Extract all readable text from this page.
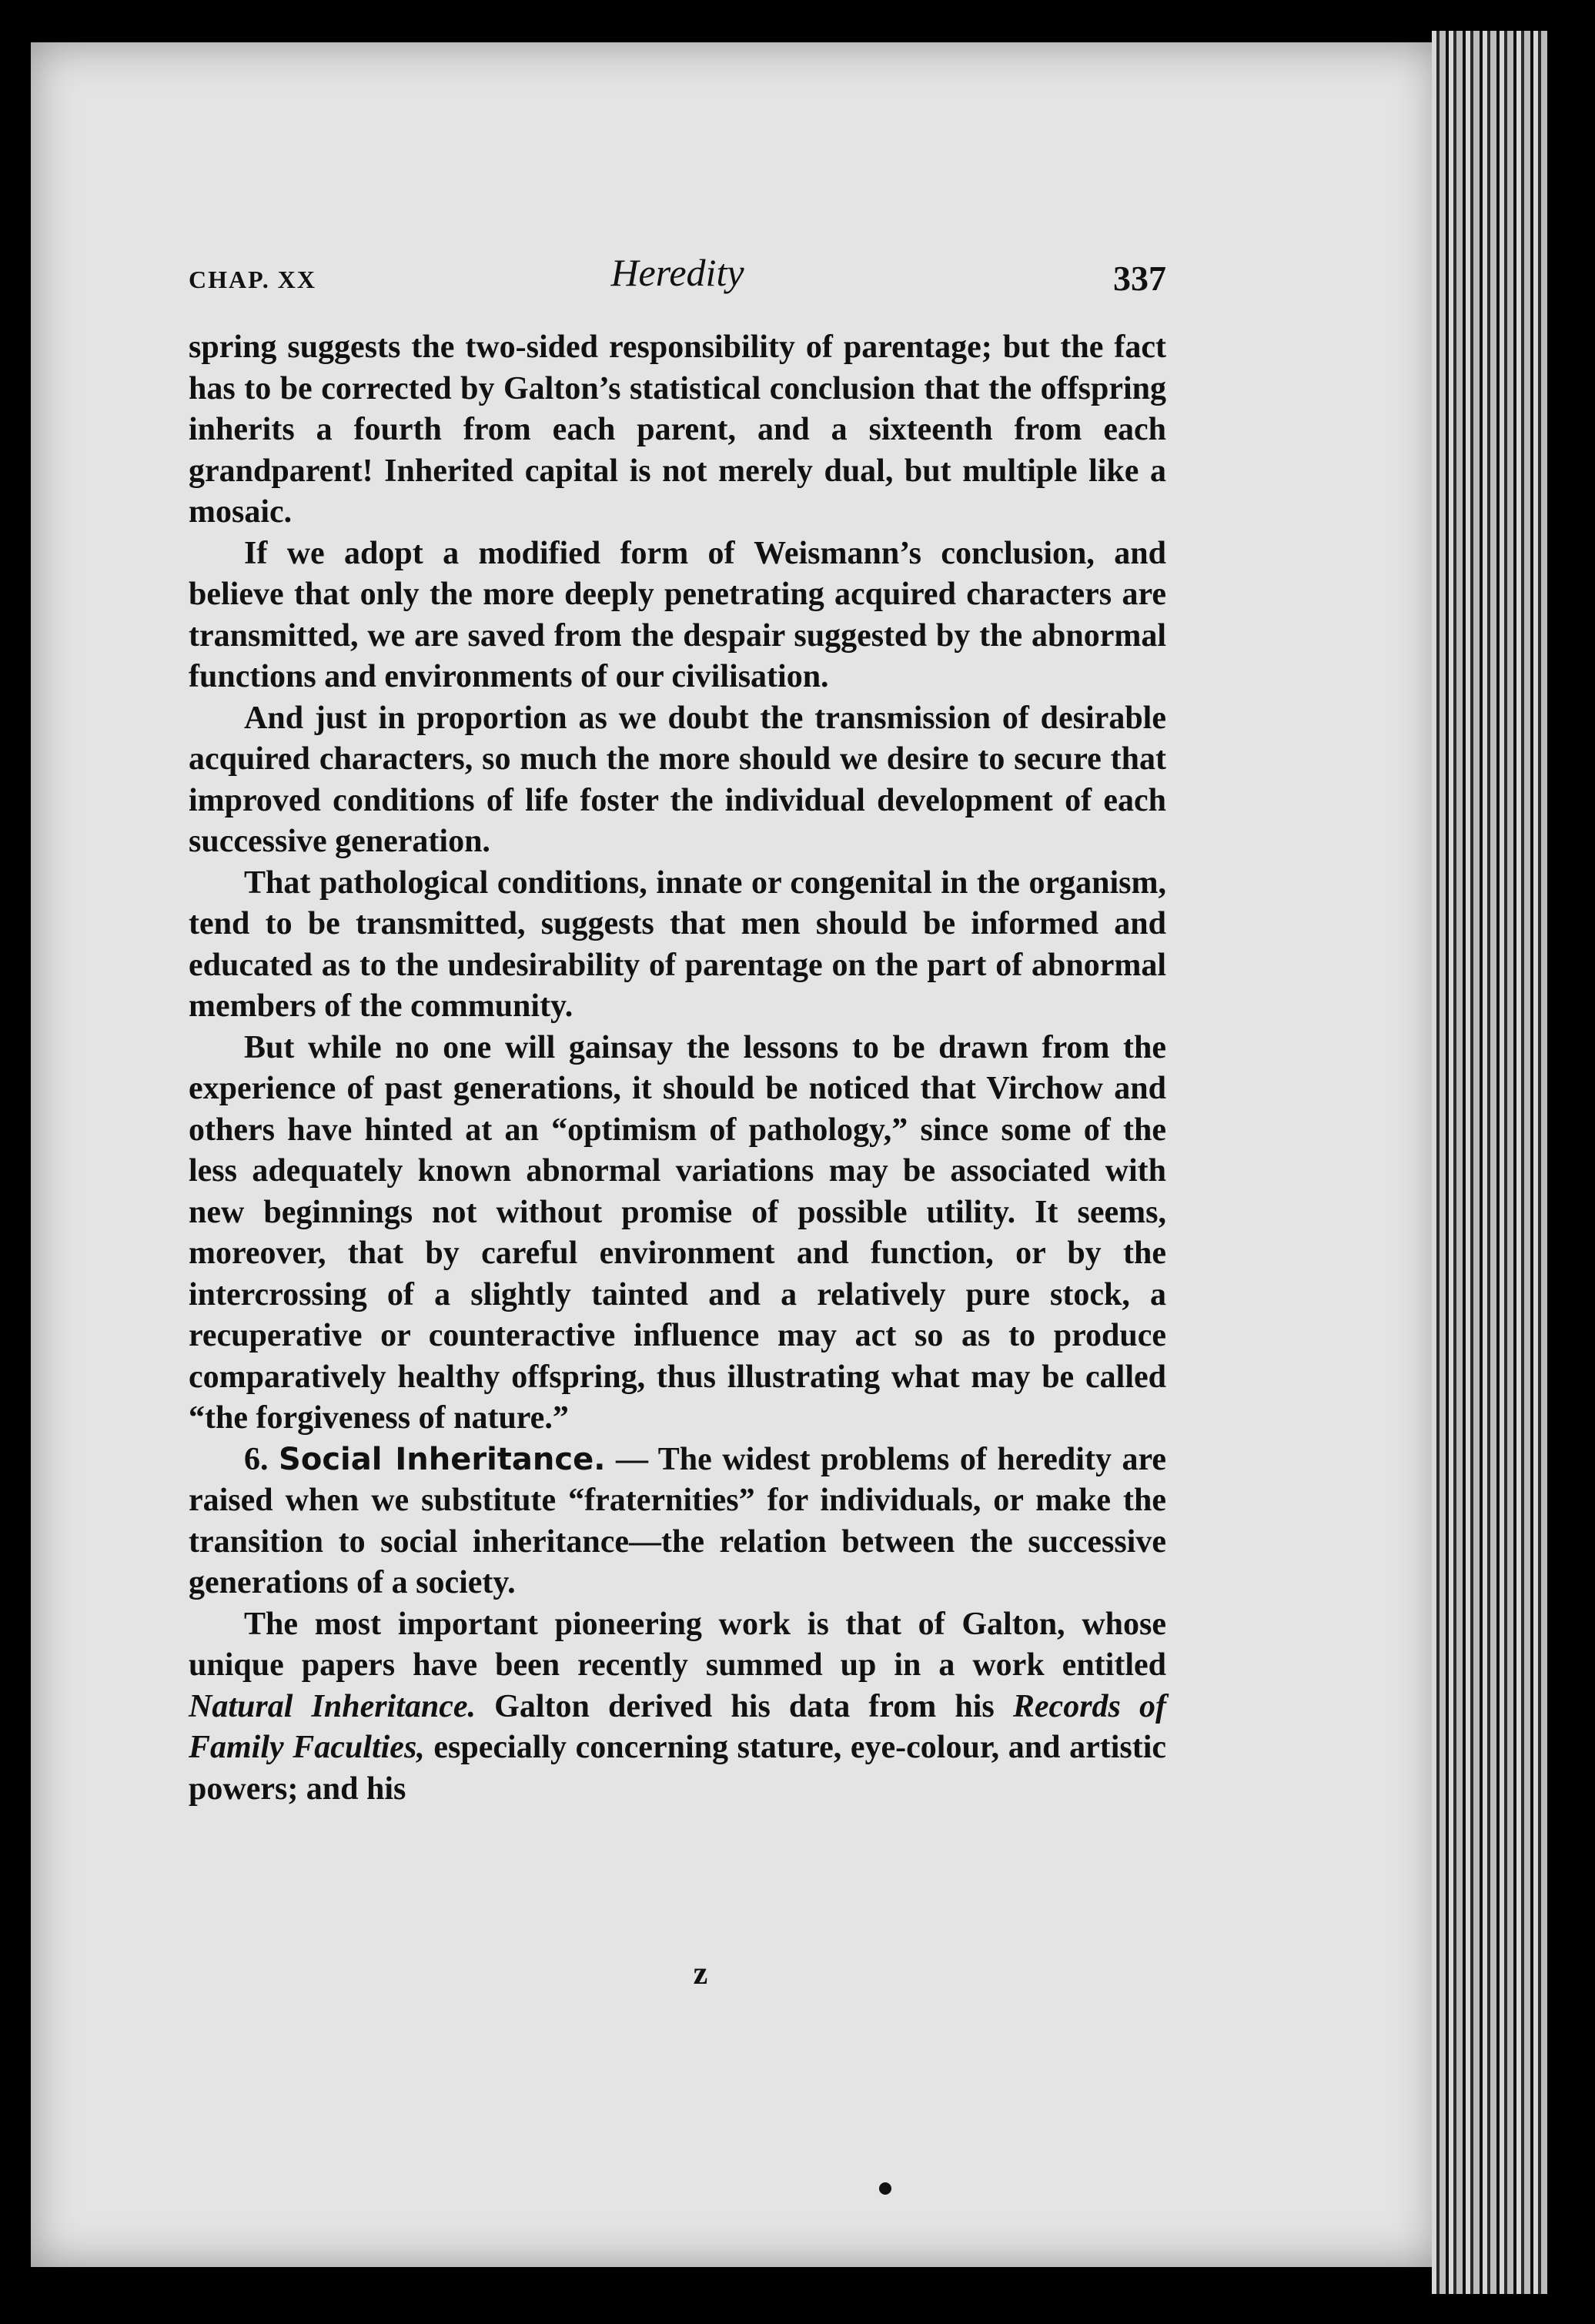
CHAP. XX	Heredity	337

spring suggests the two-sided responsibility of parentage; but the fact has to be corrected by Galton’s statistical conclusion that the offspring inherits a fourth from each parent, and a sixteenth from each grandparent! Inherited capital is not merely dual, but multiple like a mosaic.

If we adopt a modified form of Weismann’s conclusion, and believe that only the more deeply penetrating acquired characters are transmitted, we are saved from the despair suggested by the abnormal functions and environments of our civilisation.

And just in proportion as we doubt the transmission of desirable acquired characters, so much the more should we desire to secure that improved conditions of life foster the individual development of each successive generation.

That pathological conditions, innate or congenital in the organism, tend to be transmitted, suggests that men should be informed and educated as to the undesirability of parentage on the part of abnormal members of the community.

But while no one will gainsay the lessons to be drawn from the experience of past generations, it should be noticed that Virchow and others have hinted at an “optimism of pathology,” since some of the less adequately known abnormal variations may be associated with new beginnings not without promise of possible utility. It seems, moreover, that by careful environment and function, or by the intercrossing of a slightly tainted and a relatively pure stock, a recuperative or counteractive influence may act so as to produce comparatively healthy offspring, thus illustrating what may be called “the forgiveness of nature.”

6. Social Inheritance. — The widest problems of heredity are raised when we substitute “fraternities” for individuals, or make the transition to social inheritance—the relation between the successive generations of a society.

The most important pioneering work is that of Galton, whose unique papers have been recently summed up in a work entitled Natural Inheritance. Galton derived his data from his Records of Family Faculties, especially concerning stature, eye-colour, and artistic powers; and his

z
